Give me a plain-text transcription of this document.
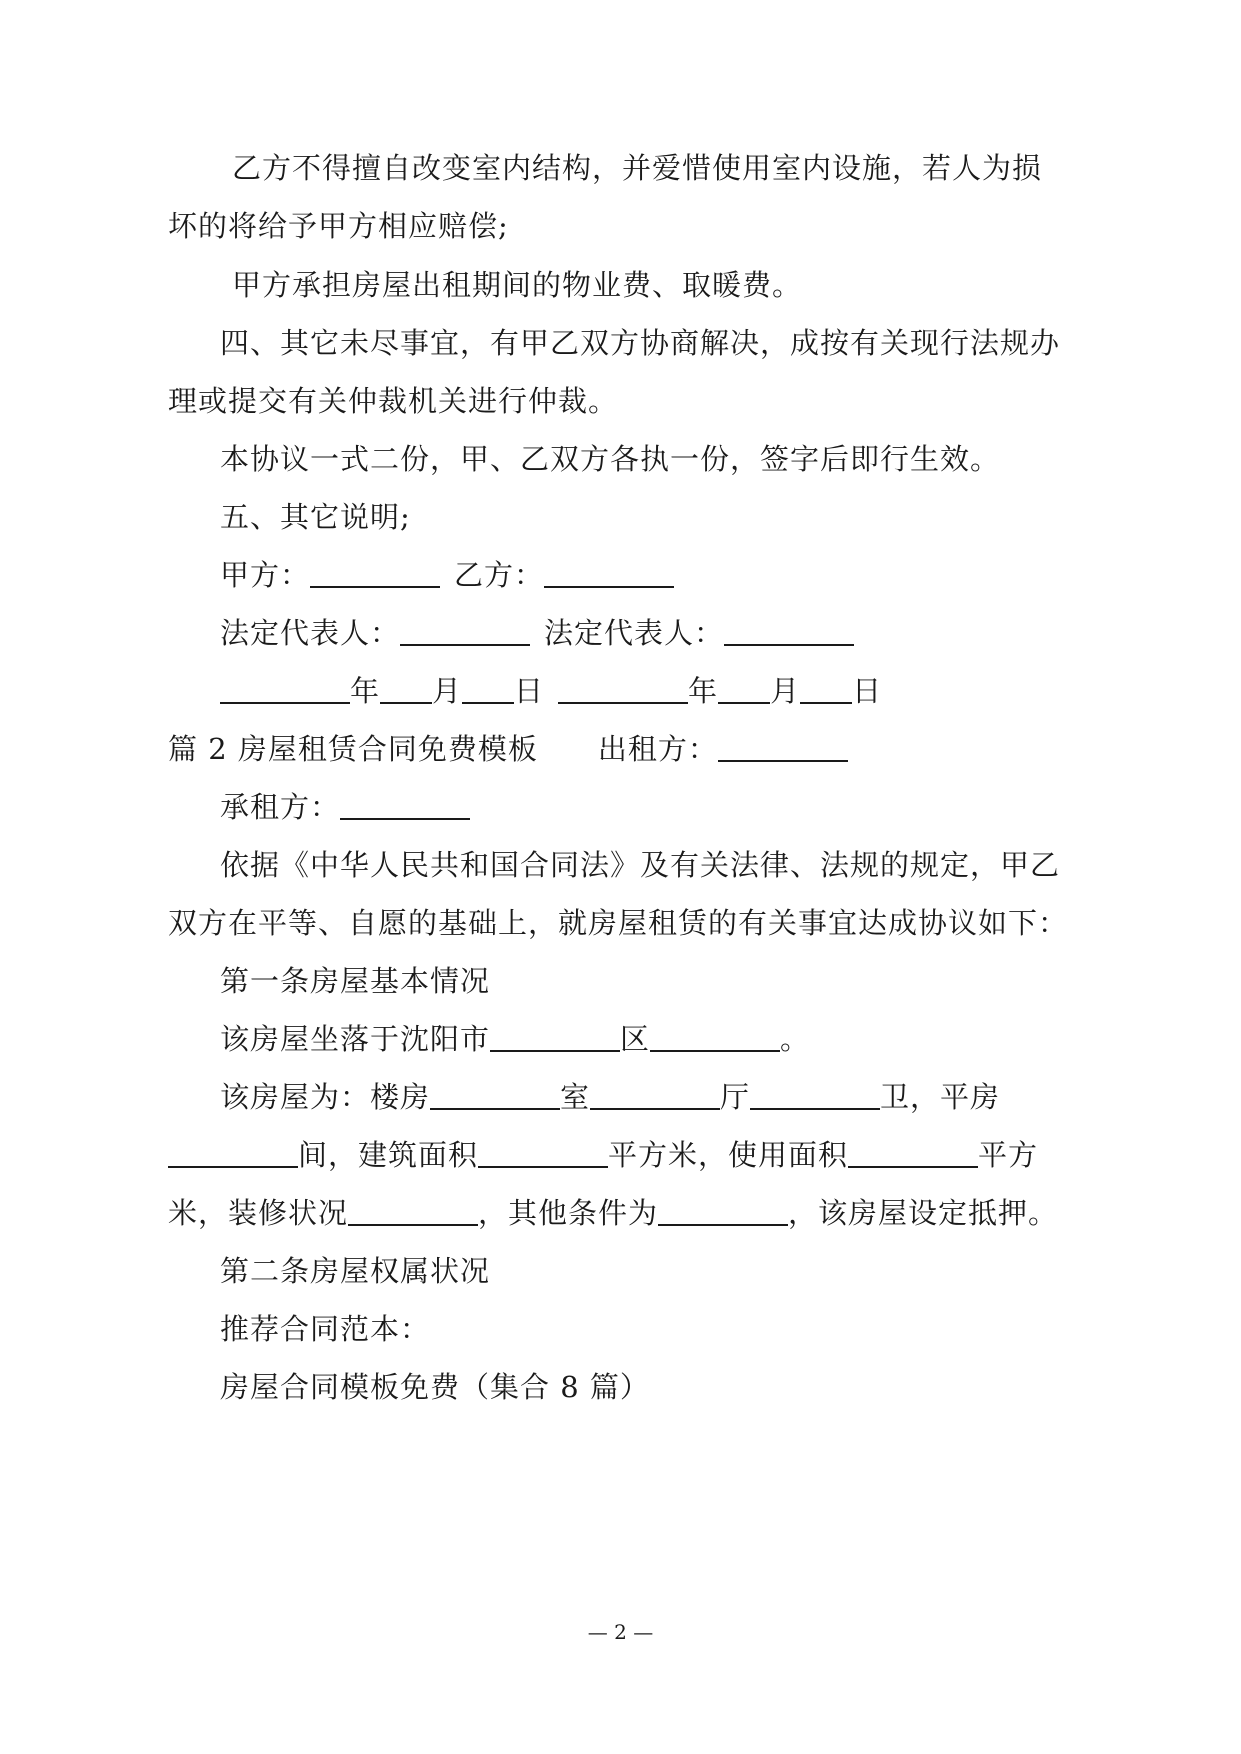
乙方不得擅自改变室内结构，并爱惜使用室内设施，若人为损
坏的将给予甲方相应赔偿;
甲方承担房屋出租期间的物业费、取暖费。
四、其它未尽事宜，有甲乙双方协商解决，成按有关现行法规办
理或提交有关仲裁机关进行仲裁。
本协议一式二份，甲、乙双方各执一份，签字后即行生效。
五、其它说明;
甲方：	乙方：
法定代表人：	法定代表人：
年 月 日	年 月 日
篇 2 房屋租赁合同免费模板 出租方：
承租方：
依据《中华人民共和国合同法》及有关法律、法规的规定，甲乙
双方在平等、自愿的基础上，就房屋租赁的有关事宜达成协议如下：
第一条房屋基本情况
该房屋坐落于沈阳市	区	。
该房屋为：楼房	室	厅	卫，平房
间，建筑面积	平方米，使用面积	平方
米，装修状况	，其他条件为	，该房屋设定抵押。
第二条房屋权属状况
推荐合同范本：
房屋合同模板免费（集合 8 篇）
— 2 —
